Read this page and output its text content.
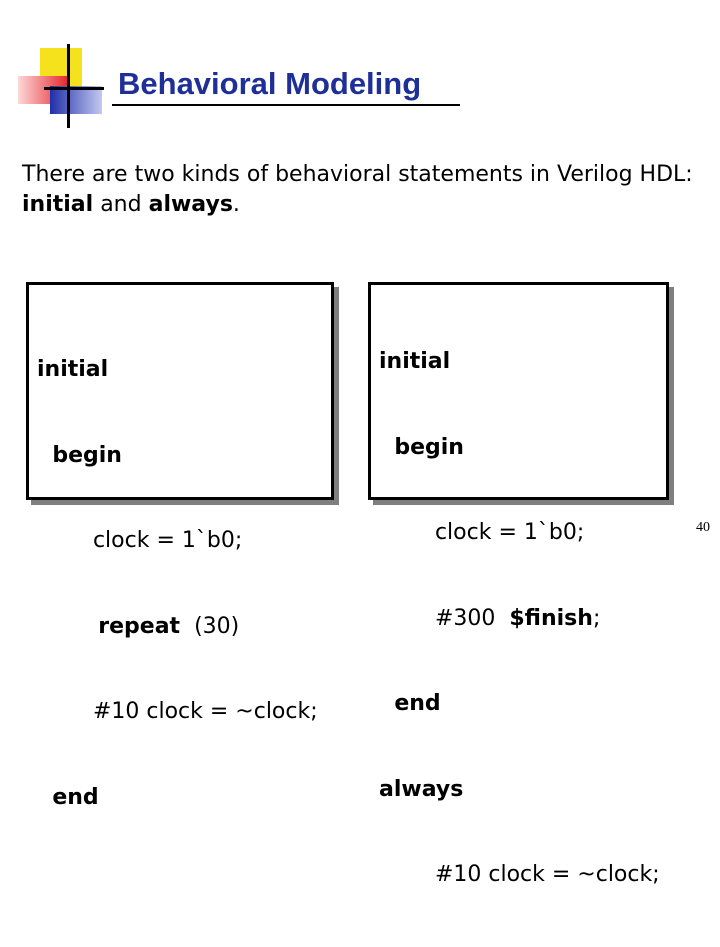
Behavioral Modeling
There are two kinds of behavioral statements in Verilog HDL:
initial and always.

initial

begin

clock = 1`b0;

repeat  (30)

#10 clock = ~clock;

end

initial

begin

clock = 1`b0;

#300  $finish;

end

always

#10 clock = ~clock;

40
